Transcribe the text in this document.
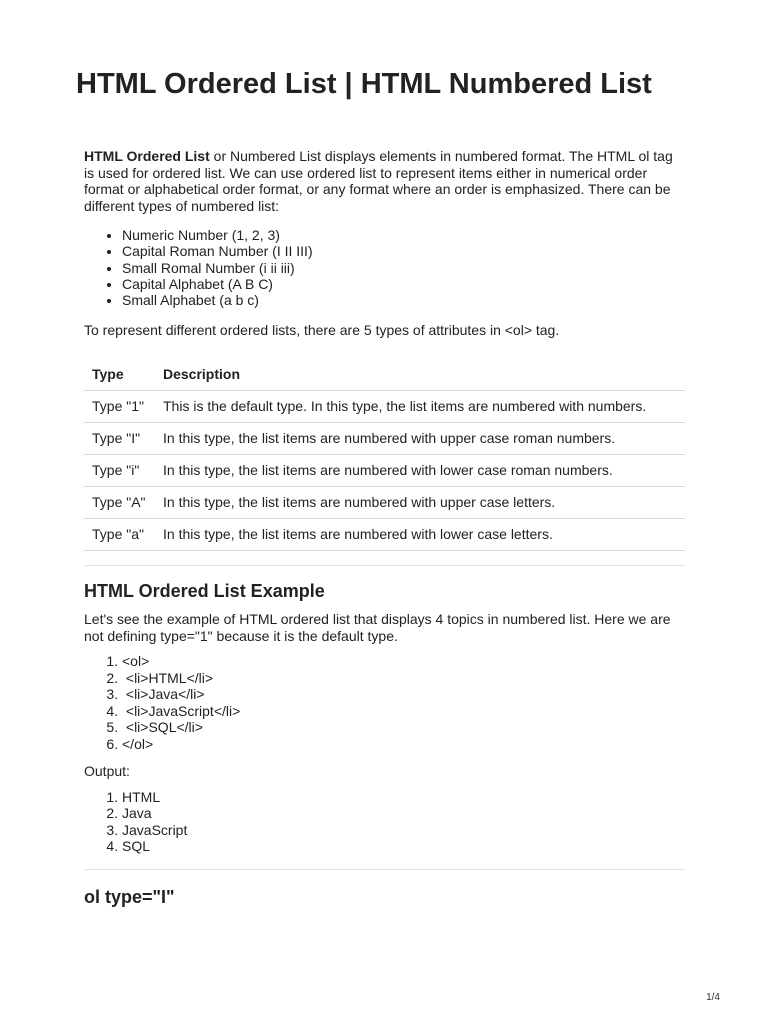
HTML Ordered List | HTML Numbered List

HTML Ordered List or Numbered List displays elements in numbered format. The HTML ol tag is used for ordered list. We can use ordered list to represent items either in numerical order format or alphabetical order format, or any format where an order is emphasized. There can be different types of numbered list:

• Numeric Number (1, 2, 3)
• Capital Roman Number (I II III)
• Small Romal Number (i ii iii)
• Capital Alphabet (A B C)
• Small Alphabet (a b c)

To represent different ordered lists, there are 5 types of attributes in <ol> tag.

Type	Description
Type "1"	This is the default type. In this type, the list items are numbered with numbers.
Type "I"	In this type, the list items are numbered with upper case roman numbers.
Type "i"	In this type, the list items are numbered with lower case roman numbers.
Type "A"	In this type, the list items are numbered with upper case letters.
Type "a"	In this type, the list items are numbered with lower case letters.
HTML Ordered List Example

Let's see the example of HTML ordered list that displays 4 topics in numbered list. Here we are not defining type="1" because it is the default type.

1. <ol>
2.  <li>HTML</li>
3.  <li>Java</li>
4.  <li>JavaScript</li>
5.  <li>SQL</li>
6. </ol>

Output:

1. HTML
2. Java
3. JavaScript
4. SQL
ol type="I"
1/4
